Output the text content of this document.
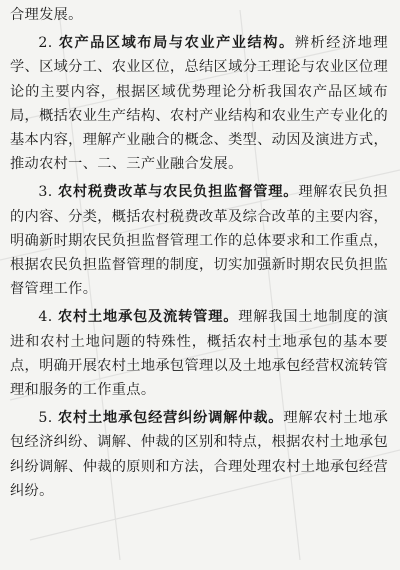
合理发展。

2. 农产品区域布局与农业产业结构。辨析经济地理学、区域分工、农业区位，总结区域分工理论与农业区位理论的主要内容，根据区域优势理论分析我国农产品区域布局，概括农业生产结构、农村产业结构和农业生产专业化的基本内容，理解产业融合的概念、类型、动因及演进方式，推动农村一、二、三产业融合发展。

3. 农村税费改革与农民负担监督管理。理解农民负担的内容、分类，概括农村税费改革及综合改革的主要内容，明确新时期农民负担监督管理工作的总体要求和工作重点，根据农民负担监督管理的制度，切实加强新时期农民负担监督管理工作。

4. 农村土地承包及流转管理。理解我国土地制度的演进和农村土地问题的特殊性，概括农村土地承包的基本要点，明确开展农村土地承包管理以及土地承包经营权流转管理和服务的工作重点。

5. 农村土地承包经营纠纷调解仲裁。理解农村土地承包经济纠纷、调解、仲裁的区别和特点，根据农村土地承包纠纷调解、仲裁的原则和方法，合理处理农村土地承包经营纠纷。
